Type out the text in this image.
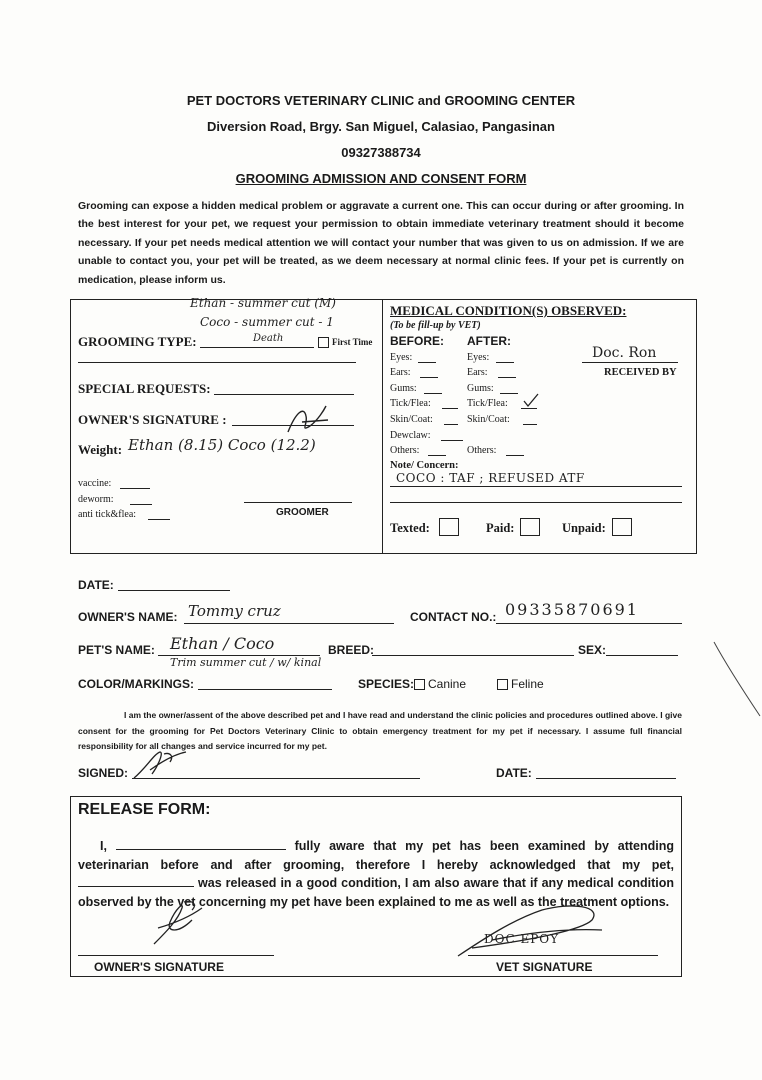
PET DOCTORS VETERINARY CLINIC and GROOMING CENTER
Diversion Road, Brgy. San Miguel, Calasiao, Pangasinan
09327388734
GROOMING ADMISSION AND CONSENT FORM
Grooming can expose a hidden medical problem or aggravate a current one. This can occur during or after grooming. In the best interest for your pet, we request your permission to obtain immediate veterinary treatment should it become necessary. If your pet needs medical attention we will contact your number that was given to us on admission. If we are unable to contact you, your pet will be treated, as we deem necessary at normal clinic fees. If your pet is currently on medication, please inform us.
Ethan - summer cut (M)
Coco - summer cut - 1
GROOMING TYPE:	Death	First Time
SPECIAL REQUESTS:
OWNER'S SIGNATURE :
Weight: Ethan (8.15) Coco (12.2)
vaccine:
deworm:
anti tick&flea:	GROOMER
MEDICAL CONDITION(S) OBSERVED:
(To be fill-up by VET)
BEFORE: AFTER:
Eyes:	Eyes:
Ears:	Ears:
Gums:	Gums:
Tick/Flea:	Tick/Flea:
Skin/Coat:	Skin/Coat:
Dewclaw:
Others:	Others:
Note/ Concern:
COCO : TAF ; REFUSED ATF
Doc. Ron
RECEIVED BY
Texted:	Paid:	Unpaid:
DATE:
OWNER'S NAME: Tommy cruz	CONTACT NO.: 09335870691
PET'S NAME: Ethan / Coco	BREED:	SEX:
Trim summer cut / w/ kinal
COLOR/MARKINGS:	SPECIES:	Canine	Feline
I am the owner/assent of the above described pet and I have read and understand the clinic policies and procedures outlined above. I give consent for the grooming for Pet Doctors Veterinary Clinic to obtain emergency treatment for my pet if necessary. I assume full financial responsibility for all changes and service incurred for my pet.
SIGNED:	DATE:
RELEASE FORM:
I,	fully aware that my pet has been examined by attending veterinarian before and after grooming, therefore I hereby acknowledged that my pet,  was released in a good condition, I am also aware that if any medical condition observed by the vet concerning my pet have been explained to me as well as the treatment options.
OWNER'S SIGNATURE
DOC EPOY
VET SIGNATURE
